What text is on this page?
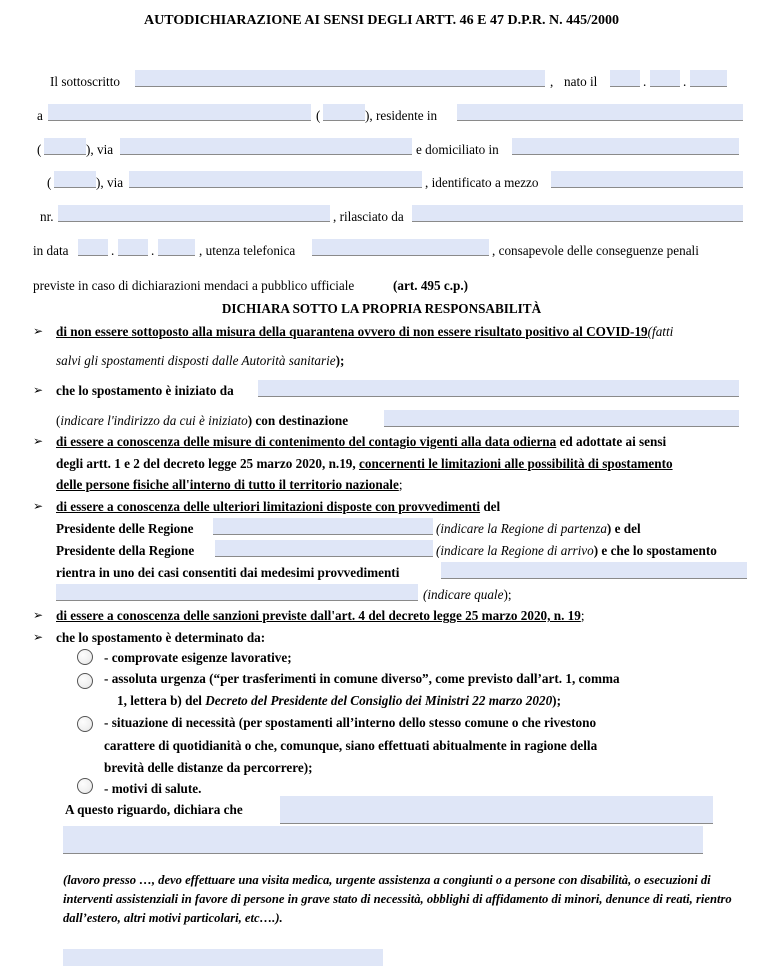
AUTODICHIARAZIONE AI SENSI DEGLI ARTT. 46 E 47 D.P.R. N. 445/2000
Il sottoscritto	, nato il	.	.
a	(	), residente in
(	), via	e domiciliato in
(	), via	, identificato a mezzo
nr.	, rilasciato da
in data	.	.	, utenza telefonica	, consapevole delle conseguenze penali
previste in caso di dichiarazioni mendaci a pubblico ufficiale	(art. 495 c.p.)
DICHIARA SOTTO LA PROPRIA RESPONSABILITÀ
➢ di non essere sottoposto alla misura della quarantena ovvero di non essere risultato positivo al COVID-19(fatti
salvi gli spostamenti disposti dalle Autorità sanitarie);
➢ che lo spostamento è iniziato da
(indicare l'indirizzo da cui è iniziato) con destinazione
➢ di essere a conoscenza delle misure di contenimento del contagio vigenti alla data odierna ed adottate ai sensi
degli artt. 1 e 2 del decreto legge 25 marzo 2020, n.19, concernenti le limitazioni alle possibilità di spostamento
delle persone fisiche all'interno di tutto il territorio nazionale;
➢ di essere a conoscenza delle ulteriori limitazioni disposte con provvedimenti del
Presidente delle Regione	(indicare la Regione di partenza) e del
Presidente della Regione	(indicare la Regione di arrivo) e che lo spostamento
rientra in uno dei casi consentiti dai medesimi provvedimenti
(indicare quale);
➢ di essere a conoscenza delle sanzioni previste dall'art. 4 del decreto legge 25 marzo 2020, n. 19;
➢ che lo spostamento è determinato da:
- comprovate esigenze lavorative;
- assoluta urgenza (“per trasferimenti in comune diverso”, come previsto dall’art. 1, comma
1, lettera b) del Decreto del Presidente del Consiglio dei Ministri 22 marzo 2020);
- situazione di necessità (per spostamenti all’interno dello stesso comune o che rivestono
carattere di quotidianità o che, comunque, siano effettuati abitualmente in ragione della
brevità delle distanze da percorrere);
- motivi di salute.
A questo riguardo, dichiara che
(lavoro presso …, devo effettuare una visita medica, urgente assistenza a congiunti o a persone con disabilità, o esecuzioni di interventi assistenziali in favore di persone in grave stato di necessità, obblighi di affidamento di minori, denunce di reati, rientro dall’estero, altri motivi particolari, etc….).
